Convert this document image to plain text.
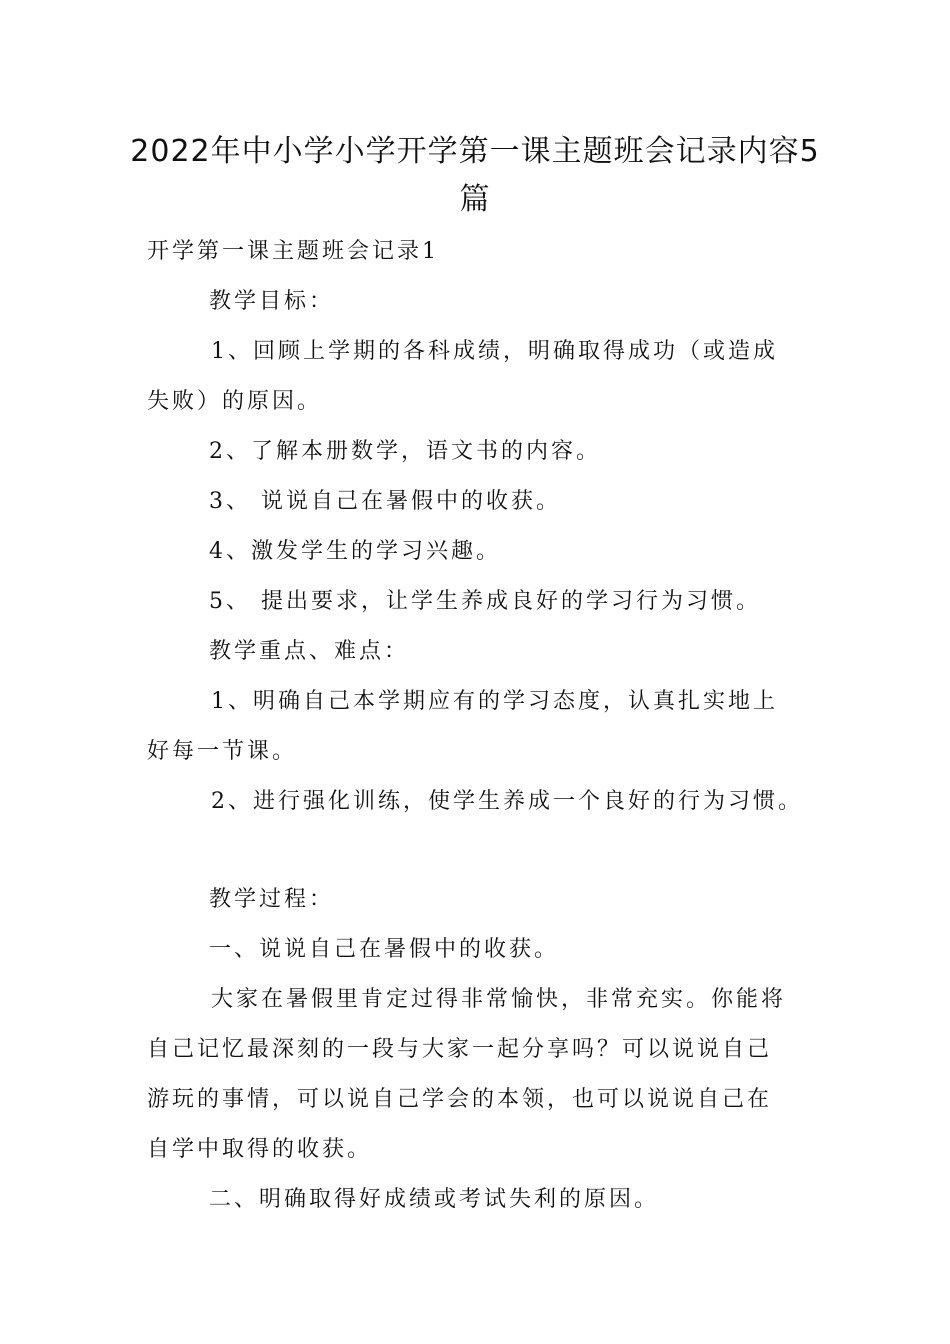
2022年中小学小学开学第一课主题班会记录内容5
篇
开学第一课主题班会记录1
教学目标：
1、回顾上学期的各科成绩，明确取得成功（或造成
失败）的原因。
2、了解本册数学，语文书的内容。
3、 说说自己在暑假中的收获。
4、激发学生的学习兴趣。
5、 提出要求，让学生养成良好的学习行为习惯。
教学重点、难点：
1、明确自己本学期应有的学习态度，认真扎实地上
好每一节课。
2、进行强化训练，使学生养成一个良好的行为习惯。
教学过程：
一、说说自己在暑假中的收获。
大家在暑假里肯定过得非常愉快，非常充实。你能将
自己记忆最深刻的一段与大家一起分享吗？可以说说自己
游玩的事情，可以说自己学会的本领，也可以说说自己在
自学中取得的收获。
二、明确取得好成绩或考试失利的原因。
